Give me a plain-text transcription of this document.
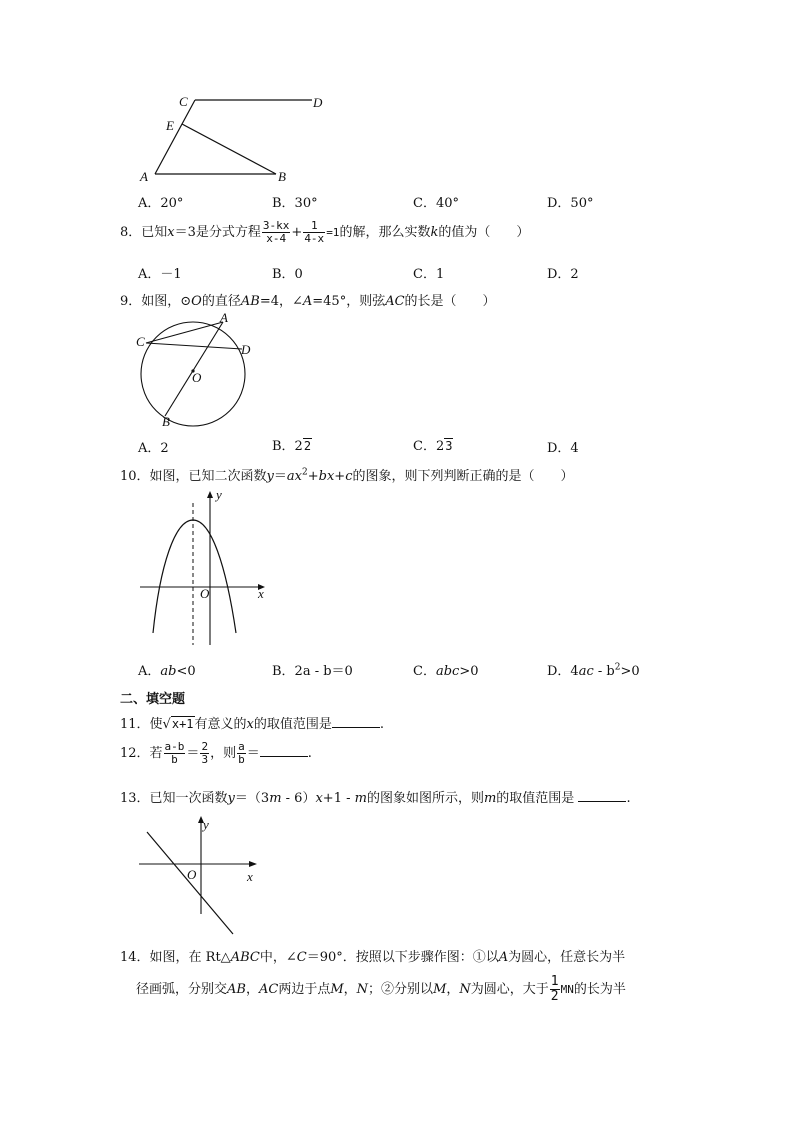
C	D
E
A	B
A．20°	B．30°	C．40°	D．50°
8．已知x＝3是分式方程 $\frac{3-kx}{x-4} + \frac{1}{4-x} =1$的解，那么实数k的值为（　　）
A．－1	B．0	C．1	D．2
9．如图，⊙O的直径AB=4，∠A=45°，则弦AC的长是（　　）
A
C
D
O
B
A．2	B．22	C．23	D．4
10．如图，已知二次函数$y=ax^2+bx+c$的图象，则下列判断正确的是（　　）
y
x
O
A．ab<0	B．2a - b＝0	C．abc>0	D．$4ac - b^2>0$
二、填空题
11．使√x+1有意义的x的取值范围是	.
12．若 $\frac{a-b}{b} = \frac{2}{3}$ ，则 $\frac{a}{b}$ ＝	.
13．已知一次函数y＝（3m - 6）x+1 - m的图象如图所示，则m的取值范围是	.
y
O	x
14．如图，在 Rt△ABC中，∠C＝90°．按照以下步骤作图：①以A为圆心，任意长为半
径画弧，分别交AB，AC两边于点M，N；②分别以M，N为圆心，大于 $\frac{1}{2}$ MN的长为半
